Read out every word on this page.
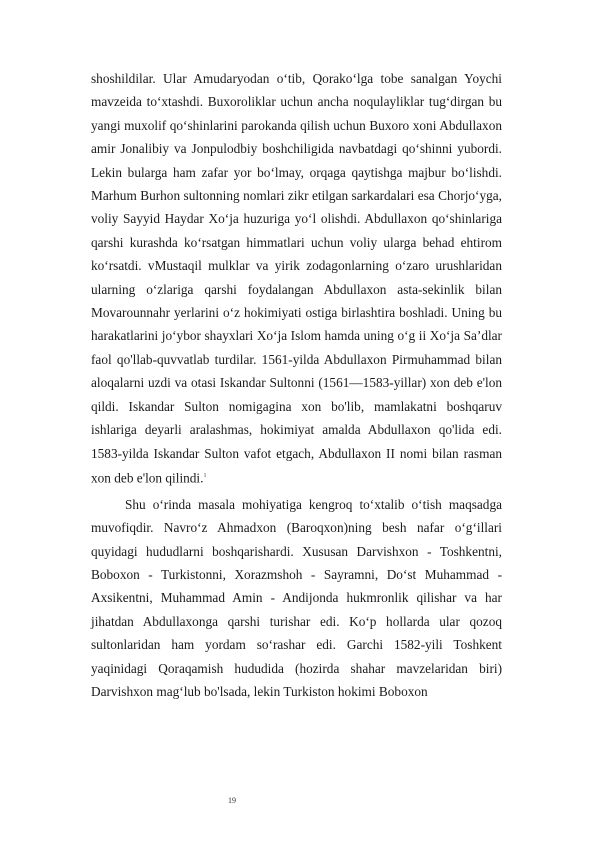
shoshildilar. Ular Amudaryodan o‘tib, Qorako‘lga tobe sanalgan Yoychi mavzeida to‘xtashdi. Buxoroliklar uchun ancha noqulayliklar tug‘dirgan bu yangi muxolif qo‘shinlarini parokanda qilish uchun Buxoro xoni Abdullaxon amir Jonalibiy va Jonpulodbiy boshchiligida navbatdagi qo‘shinni yubordi. Lekin bularga ham zafar yor bo‘lmay, orqaga qaytishga majbur bo‘lishdi. Marhum Burhon sultonning nomlari zikr etilgan sarkardalari esa Chorjo‘yga, voliy Sayyid Haydar Xo‘ja huzuriga yo‘l olishdi. Abdullaxon qo‘shinlariga qarshi kurashda ko‘rsatgan himmatlari uchun voliy ularga behad ehtirom ko‘rsatdi. vMustaqil mulklar va yirik zodagonlarning o‘zaro urushlaridan ularning o‘zlariga qarshi foydalangan Abdullaxon asta-sekinlik bilan Movarounnahr yerlarini o‘z hokimiyati ostiga birlashtira boshladi. Uning bu harakatlarini jo‘ybor shayxlari Xo‘ja Islom hamda uning o‘g ii Xo‘ja Sa’dlar faol qo'llab-quvvatlab turdilar. 1561-yilda Abdullaxon Pirmuhammad bilan aloqalarni uzdi va otasi Iskandar Sultonni (1561—1583-yillar) xon deb e'lon qildi. Iskandar Sulton nomigagina xon bo'lib, mamlakatni boshqaruv ishlariga deyarli aralashmas, hokimiyat amalda Abdullaxon qo'lida edi. 1583-yilda Iskandar Sulton vafot etgach, Abdullaxon II nomi bilan rasman xon deb e'lon qilindi.$^1$

Shu o‘rinda masala mohiyatiga kengroq to‘xtalib o‘tish maqsadga muvofiqdir. Navro‘z Ahmadxon (Baroqxon)ning besh nafar o‘g‘illari quyidagi hududlarni boshqarishardi. Xususan Darvishxon - Toshkentni, Boboxon - Turkistonni, Xorazmshoh - Sayramni, Do‘st Muhammad - Axsikentni, Muhammad Amin - Andijonda hukmronlik qilishar va har jihatdan Abdullaxonga qarshi turishar edi. Ko‘p hollarda ular qozoq sultonlaridan ham yordam so‘rashar edi. Garchi 1582-yili Toshkent yaqinidagi Qoraqamish hududida (hozirda shahar mavzelaridan biri) Darvishxon mag‘lub bo'lsada, lekin Turkiston hokimi Boboxon

19
